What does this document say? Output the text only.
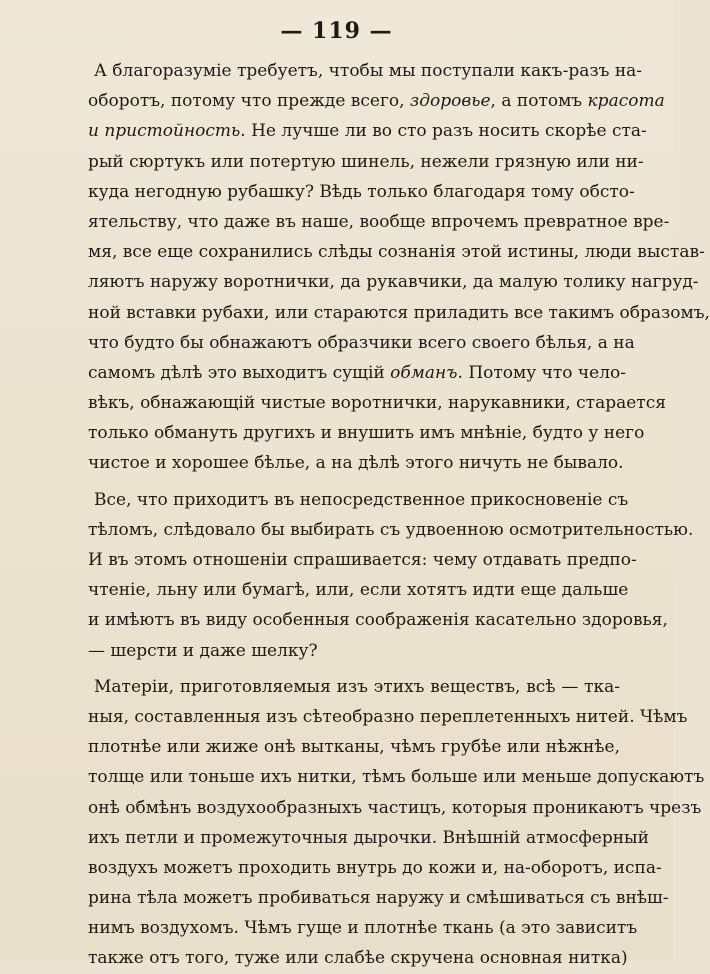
— 119 —
А благоразуміе требуетъ, чтобы мы поступали какъ-разъ на-
оборотъ, потому что прежде всего, здоровье, а потомъ красота
и пристойность. Не лучше ли во сто разъ носить скорѣе ста-
рый сюртукъ или потертую шинель, нежели грязную или ни-
куда негодную рубашку? Вѣдь только благодаря тому обсто-
ятельству, что даже въ наше, вообще впрочемъ превратное вре-
мя, все еще сохранились слѣды сознанія этой истины, люди выстав-
ляютъ наружу воротнички, да рукавчики, да малую толику нагруд-
ной вставки рубахи, или стараются приладить все такимъ образомъ,
что будто бы обнажаютъ образчики всего своего бѣлья, а на
самомъ дѣлѣ это выходитъ сущій обманъ. Потому что чело-
вѣкъ, обнажающій чистые воротнички, нарукавники, старается
только обмануть другихъ и внушить имъ мнѣніе, будто у него
чистое и хорошее бѣлье, а на дѣлѣ этого ничуть не бывало.
Все, что приходитъ въ непосредственное прикосновеніе съ
тѣломъ, слѣдовало бы выбирать съ удвоенною осмотрительностью.
И въ этомъ отношеніи спрашивается: чему отдавать предпо-
чтеніе, льну или бумагѣ, или, если хотятъ идти еще дальше
и имѣютъ въ виду особенныя соображенія касательно здоровья,
— шерсти и даже шелку?
Матеріи, приготовляемыя изъ этихъ веществъ, всѣ — тка-
ныя, составленныя изъ сѣтеобразно переплетенныхъ нитей. Чѣмъ
плотнѣе или жиже онѣ вытканы, чѣмъ грубѣе или нѣжнѣе,
толще или тоньше ихъ нитки, тѣмъ больше или меньше допускаютъ
онѣ обмѣнъ воздухообразныхъ частицъ, которыя проникаютъ чрезъ
ихъ петли и промежуточныя дырочки. Внѣшній атмосферный
воздухъ можетъ проходить внутрь до кожи и, на-оборотъ, испа-
рина тѣла можетъ пробиваться наружу и смѣшиваться съ внѣш-
нимъ воздухомъ. Чѣмъ гуще и плотнѣе ткань (а это зависитъ
также отъ того, туже или слабѣе скручена основная нитка)
